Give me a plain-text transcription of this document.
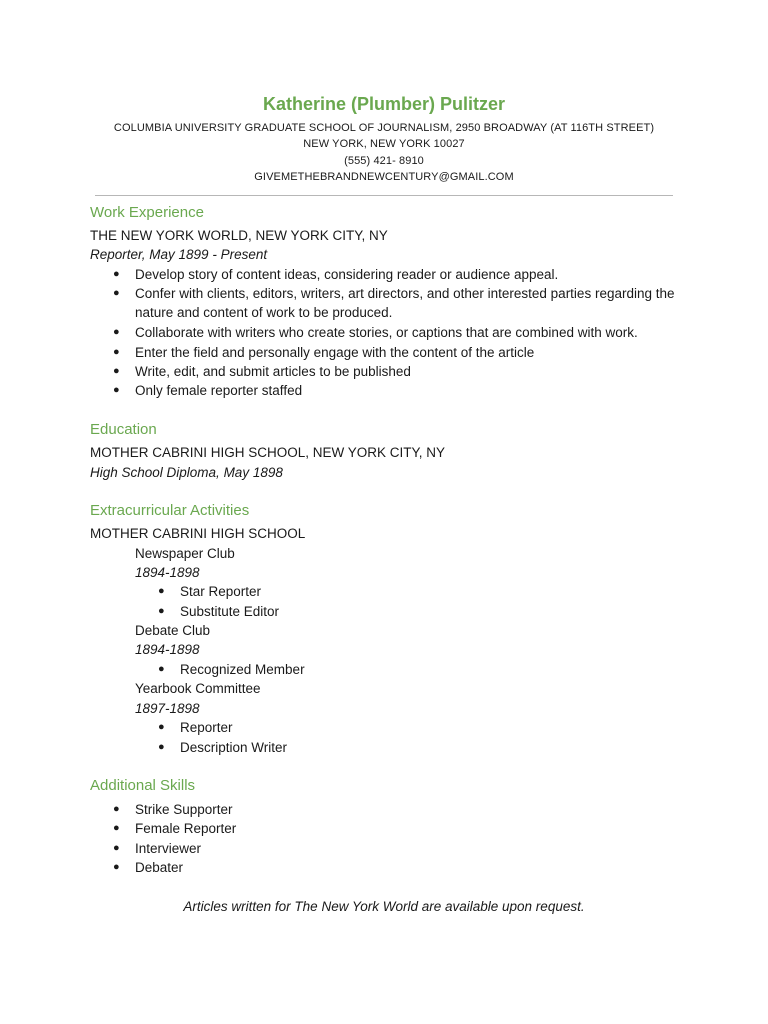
Katherine (Plumber) Pulitzer
COLUMBIA UNIVERSITY GRADUATE SCHOOL OF JOURNALISM, 2950 BROADWAY (AT 116TH STREET)
NEW YORK, NEW YORK 10027
(555) 421- 8910
GIVEMETHEBRANDNEWCENTURY@GMAIL.COM
Work Experience
THE NEW YORK WORLD, NEW YORK CITY, NY
Reporter, May 1899 - Present
● Develop story of content ideas, considering reader or audience appeal.
● Confer with clients, editors, writers, art directors, and other interested parties regarding the nature and content of work to be produced.
● Collaborate with writers who create stories, or captions that are combined with work.
● Enter the field and personally engage with the content of the article
● Write, edit, and submit articles to be published
● Only female reporter staffed
Education
MOTHER CABRINI HIGH SCHOOL, NEW YORK CITY, NY
High School Diploma, May 1898
Extracurricular Activities
MOTHER CABRINI HIGH SCHOOL
Newspaper Club
1894-1898
● Star Reporter
● Substitute Editor
Debate Club
1894-1898
● Recognized Member
Yearbook Committee
1897-1898
● Reporter
● Description Writer
Additional Skills
● Strike Supporter
● Female Reporter
● Interviewer
● Debater
Articles written for The New York World are available upon request.
